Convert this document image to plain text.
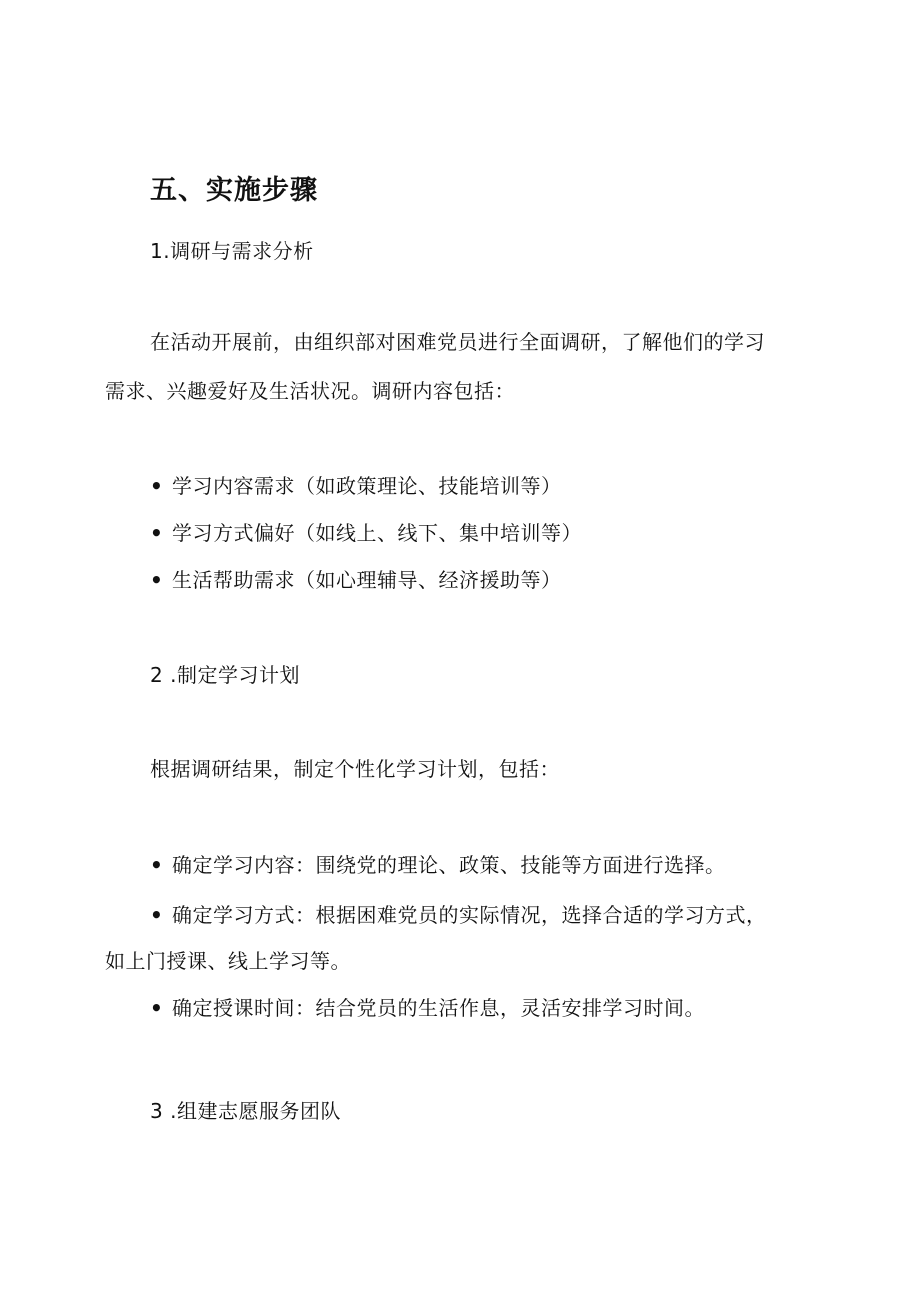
五、实施步骤
1.调研与需求分析
在活动开展前，由组织部对困难党员进行全面调研，了解他们的学习
需求、兴趣爱好及生活状况。调研内容包括：
• 学习内容需求（如政策理论、技能培训等）
• 学习方式偏好（如线上、线下、集中培训等）
• 生活帮助需求（如心理辅导、经济援助等）
2 .制定学习计划
根据调研结果，制定个性化学习计划，包括：
• 确定学习内容：围绕党的理论、政策、技能等方面进行选择。
• 确定学习方式：根据困难党员的实际情况，选择合适的学习方式，
如上门授课、线上学习等。
• 确定授课时间：结合党员的生活作息，灵活安排学习时间。
3 .组建志愿服务团队
